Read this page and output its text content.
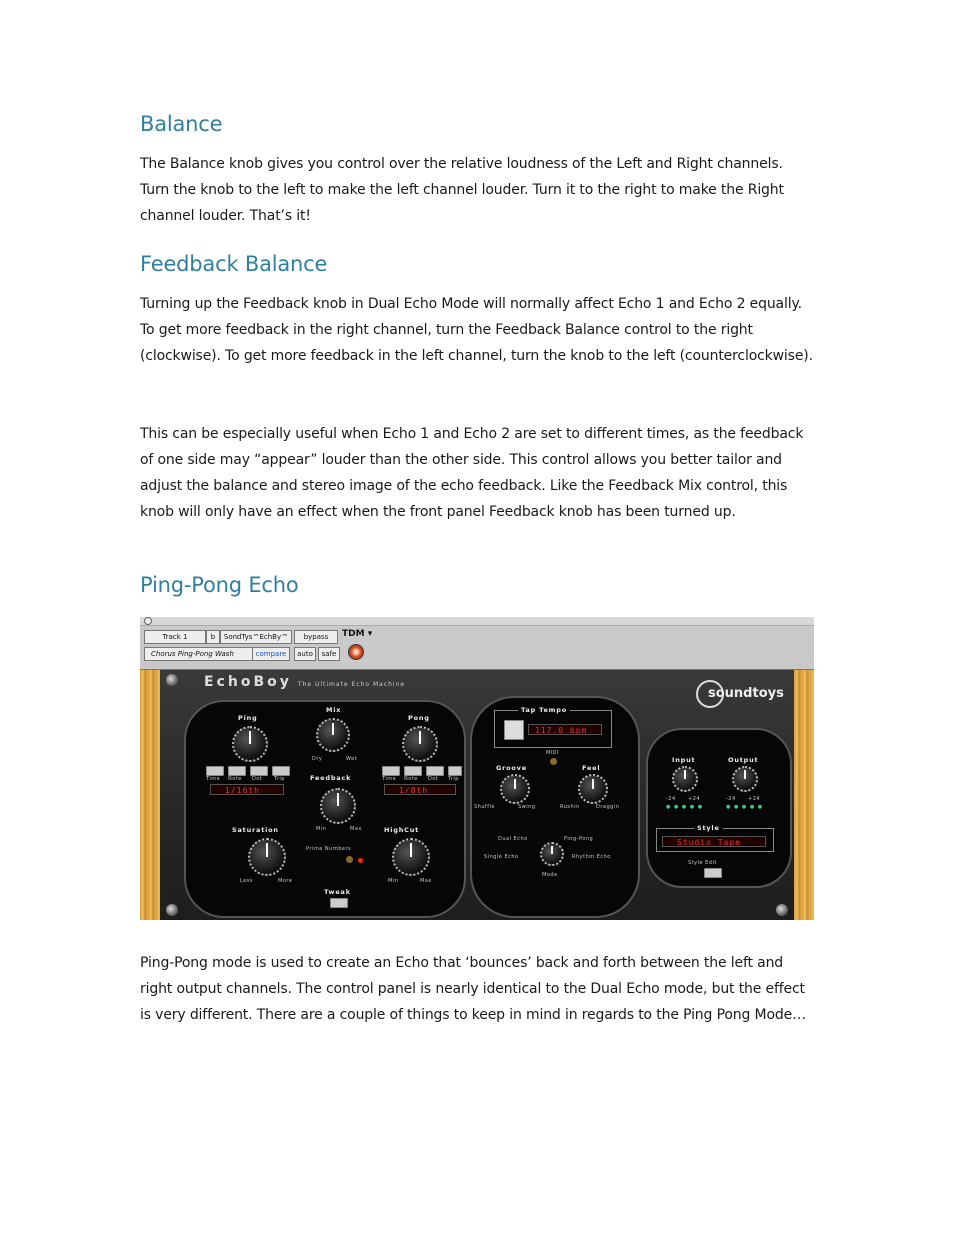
Balance

The Balance knob gives you control over the relative loudness of the Left and Right channels. Turn the knob to the left to make the left channel louder. Turn it to the right to make the Right channel louder. That’s it!

Feedback Balance

Turning up the Feedback knob in Dual Echo Mode will normally affect Echo 1 and Echo 2 equally. To get more feedback in the right channel, turn the Feedback Balance control to the right (clockwise). To get more feedback in the left channel, turn the knob to the left (counterclockwise).

This can be especially useful when Echo 1 and Echo 2 are set to different times, as the feedback of one side may “appear” louder than the other side. This control allows you better tailor and adjust the balance and stereo image of the echo feedback. Like the Feedback Mix control, this knob will only have an effect when the front panel Feedback knob has been turned up.

Ping-Pong Echo

Ping-Pong mode is used to create an Echo that ‘bounces’ back and forth between the left and right output channels. The control panel is nearly identical to the Dual Echo mode, but the effect is very different. There are a couple of things to keep in mind in regards to the Ping Pong Mode…

Track 1	b	SondTys™EchBy™	bypass	TDM ▾
Chorus Ping-Pong Wash	compare	auto	safe
EchoBoy The Ultimate Echo Machine
soundtoys
Ping
Mix
Dry	Wet
Pong
Time Note Dot Trip
1/16th
Time Note Dot Trip
1/8th
Feedback
Min	Max
Saturation
Less	More
Prime Numbers
HighCut
Min	Max
Tweak
Tap Tempo
117.0 bpm
MIDI
Groove
Shuffle	Swing
Feel
Rushin	Draggin
Dual Echo	Ping-Pong
Single Echo	Rhythm Echo
Mode
Input
-24 +24
● ● ● ● ●
Output
-24 +24
● ● ● ● ●
Style
Studio Tape
Style Edit
